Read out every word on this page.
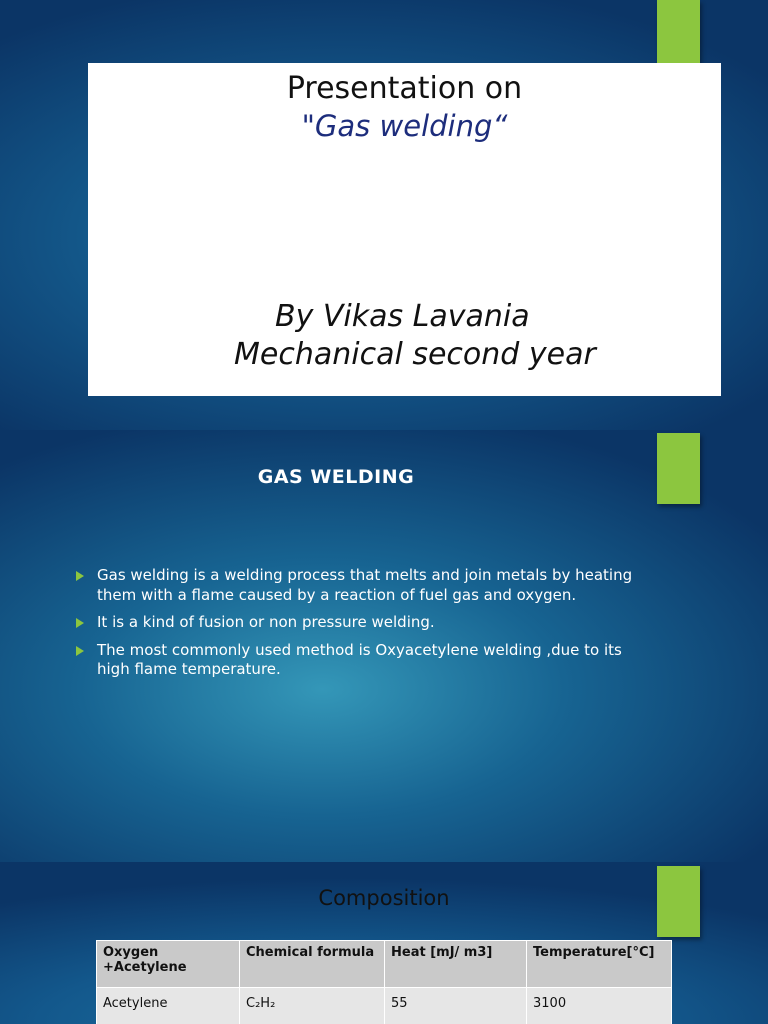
Presentation on
"Gas welding“
By Vikas Lavania
Mechanical second year
GAS WELDING
Gas welding is a welding process that melts and join metals by heating them with a flame caused by a reaction of fuel gas and oxygen.
It is a kind of fusion or non pressure welding.
The most commonly used method is Oxyacetylene welding ,due to its high flame temperature.
Composition
Oxygen +Acetylene	Chemical formula	Heat [mJ/ m3]	Temperature[°C]
Acetylene	C₂H₂	55	3100
